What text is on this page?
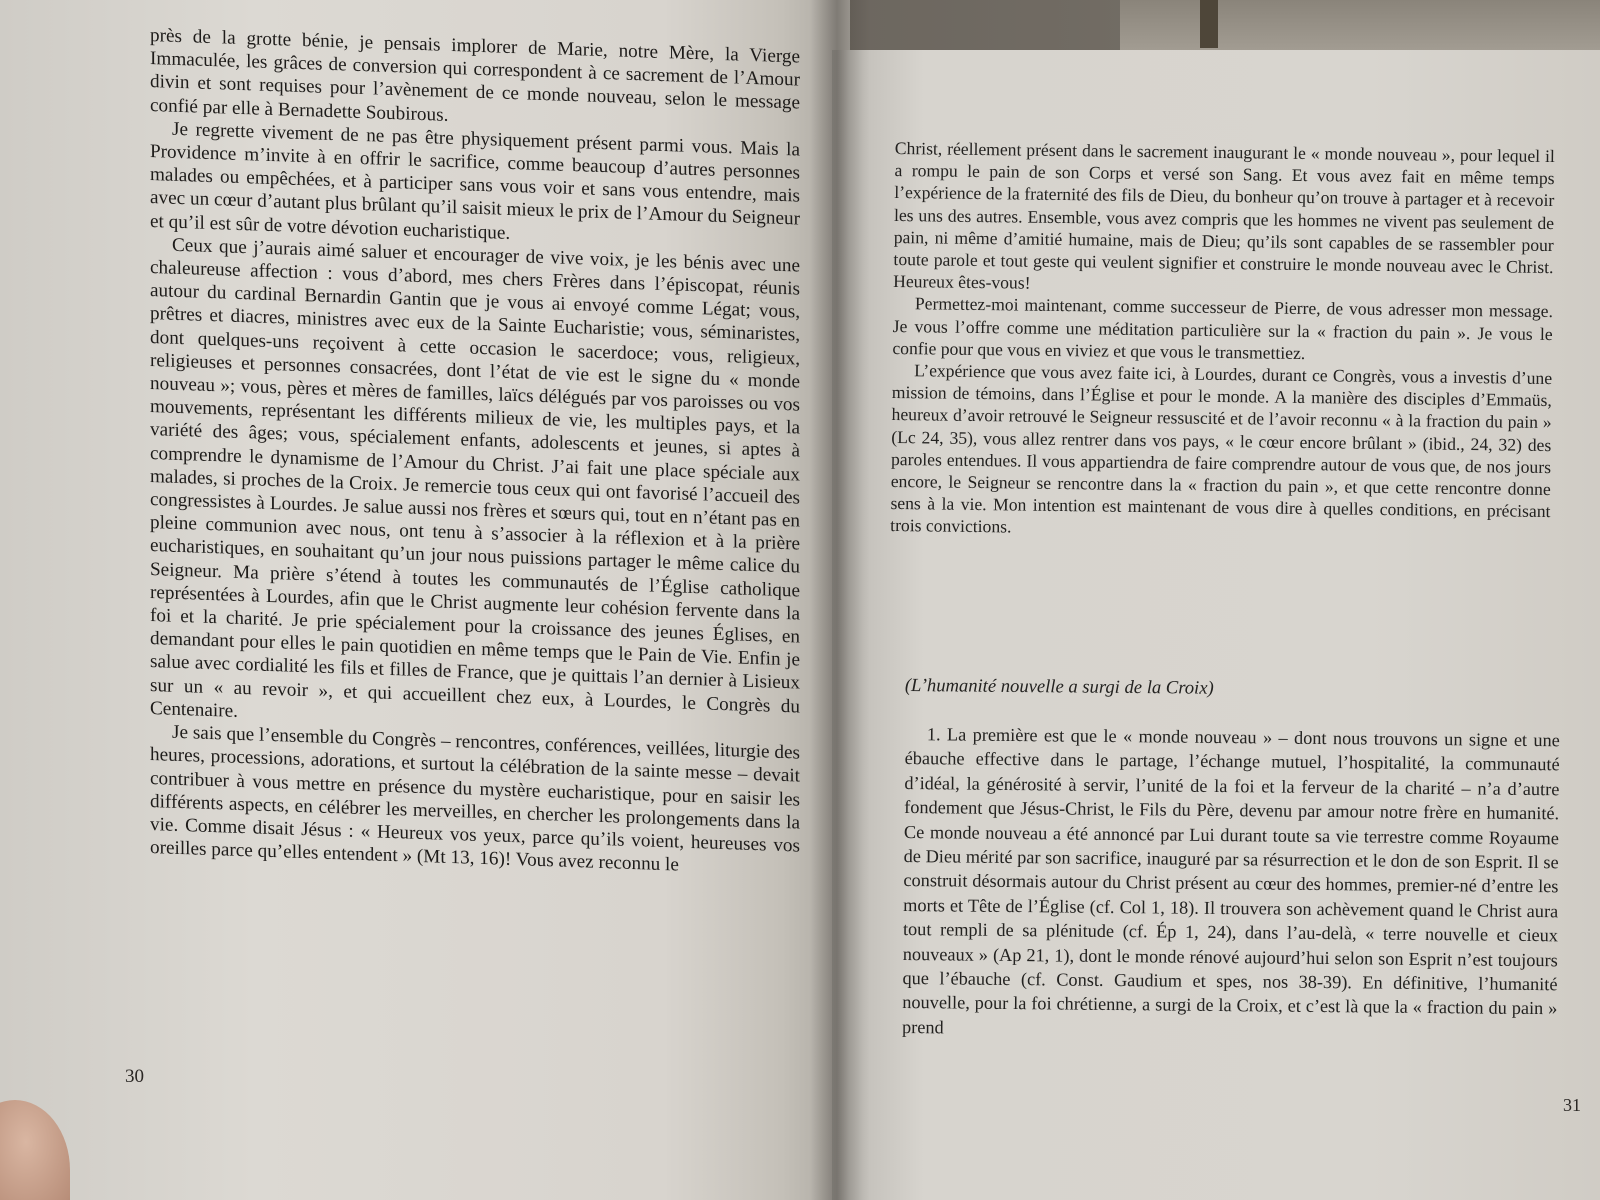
près de la grotte bénie, je pensais implorer de Marie, notre Mère, la Vierge Immaculée, les grâces de conversion qui correspondent à ce sacrement de l’Amour divin et sont requises pour l’avènement de ce monde nouveau, selon le message confié par elle à Bernadette Soubirous.

Je regrette vivement de ne pas être physiquement présent parmi vous. Mais la Providence m’invite à en offrir le sacrifice, comme beaucoup d’autres personnes malades ou empêchées, et à participer sans vous voir et sans vous entendre, mais avec un cœur d’autant plus brûlant qu’il saisit mieux le prix de l’Amour du Seigneur et qu’il est sûr de votre dévotion eucharistique.

Ceux que j’aurais aimé saluer et encourager de vive voix, je les bénis avec une chaleureuse affection : vous d’abord, mes chers Frères dans l’épiscopat, réunis autour du cardinal Bernardin Gantin que je vous ai envoyé comme Légat; vous, prêtres et diacres, ministres avec eux de la Sainte Eucharistie; vous, séminaristes, dont quelques-uns reçoivent à cette occasion le sacerdoce; vous, religieux, religieuses et personnes consacrées, dont l’état de vie est le signe du « monde nouveau »; vous, pères et mères de familles, laïcs délégués par vos paroisses ou vos mouvements, représentant les différents milieux de vie, les multiples pays, et la variété des âges; vous, spécialement enfants, adolescents et jeunes, si aptes à comprendre le dynamisme de l’Amour du Christ. J’ai fait une place spéciale aux malades, si proches de la Croix. Je remercie tous ceux qui ont favorisé l’accueil des congressistes à Lourdes. Je salue aussi nos frères et sœurs qui, tout en n’étant pas en pleine communion avec nous, ont tenu à s’associer à la réflexion et à la prière eucharistiques, en souhaitant qu’un jour nous puissions partager le même calice du Seigneur. Ma prière s’étend à toutes les communautés de l’Église catholique représentées à Lourdes, afin que le Christ augmente leur cohésion fervente dans la foi et la charité. Je prie spécialement pour la croissance des jeunes Églises, en demandant pour elles le pain quotidien en même temps que le Pain de Vie. Enfin je salue avec cordialité les fils et filles de France, que je quittais l’an dernier à Lisieux sur un « au revoir », et qui accueillent chez eux, à Lourdes, le Congrès du Centenaire.

Je sais que l’ensemble du Congrès – rencontres, conférences, veillées, liturgie des heures, processions, adorations, et surtout la célébration de la sainte messe – devait contribuer à vous mettre en présence du mystère eucharistique, pour en saisir les différents aspects, en célébrer les merveilles, en chercher les prolongements dans la vie. Comme disait Jésus : « Heureux vos yeux, parce qu’ils voient, heureuses vos oreilles parce qu’elles entendent » (Mt 13, 16)! Vous avez reconnu le

30

Christ, réellement présent dans le sacrement inaugurant le « monde nouveau », pour lequel il a rompu le pain de son Corps et versé son Sang. Et vous avez fait en même temps l’expérience de la fraternité des fils de Dieu, du bonheur qu’on trouve à partager et à recevoir les uns des autres. Ensemble, vous avez compris que les hommes ne vivent pas seulement de pain, ni même d’amitié humaine, mais de Dieu; qu’ils sont capables de se rassembler pour toute parole et tout geste qui veulent signifier et construire le monde nouveau avec le Christ. Heureux êtes-vous!

Permettez-moi maintenant, comme successeur de Pierre, de vous adresser mon message. Je vous l’offre comme une méditation particulière sur la « fraction du pain ». Je vous le confie pour que vous en viviez et que vous le transmettiez.

L’expérience que vous avez faite ici, à Lourdes, durant ce Congrès, vous a investis d’une mission de témoins, dans l’Église et pour le monde. A la manière des disciples d’Emmaüs, heureux d’avoir retrouvé le Seigneur ressuscité et de l’avoir reconnu « à la fraction du pain » (Lc 24, 35), vous allez rentrer dans vos pays, « le cœur encore brûlant » (ibid., 24, 32) des paroles entendues. Il vous appartiendra de faire comprendre autour de vous que, de nos jours encore, le Seigneur se rencontre dans la « fraction du pain », et que cette rencontre donne sens à la vie. Mon intention est maintenant de vous dire à quelles conditions, en précisant trois convictions.

(L’humanité nouvelle a surgi de la Croix)

1. La première est que le « monde nouveau » – dont nous trouvons un signe et une ébauche effective dans le partage, l’échange mutuel, l’hospitalité, la communauté d’idéal, la générosité à servir, l’unité de la foi et la ferveur de la charité – n’a d’autre fondement que Jésus-Christ, le Fils du Père, devenu par amour notre frère en humanité. Ce monde nouveau a été annoncé par Lui durant toute sa vie terrestre comme Royaume de Dieu mérité par son sacrifice, inauguré par sa résurrection et le don de son Esprit. Il se construit désormais autour du Christ présent au cœur des hommes, premier-né d’entre les morts et Tête de l’Église (cf. Col 1, 18). Il trouvera son achèvement quand le Christ aura tout rempli de sa plénitude (cf. Ép 1, 24), dans l’au-delà, « terre nouvelle et cieux nouveaux » (Ap 21, 1), dont le monde rénové aujourd’hui selon son Esprit n’est toujours que l’ébauche (cf. Const. Gaudium et spes, nos 38-39). En définitive, l’humanité nouvelle, pour la foi chrétienne, a surgi de la Croix, et c’est là que la « fraction du pain » prend

31
